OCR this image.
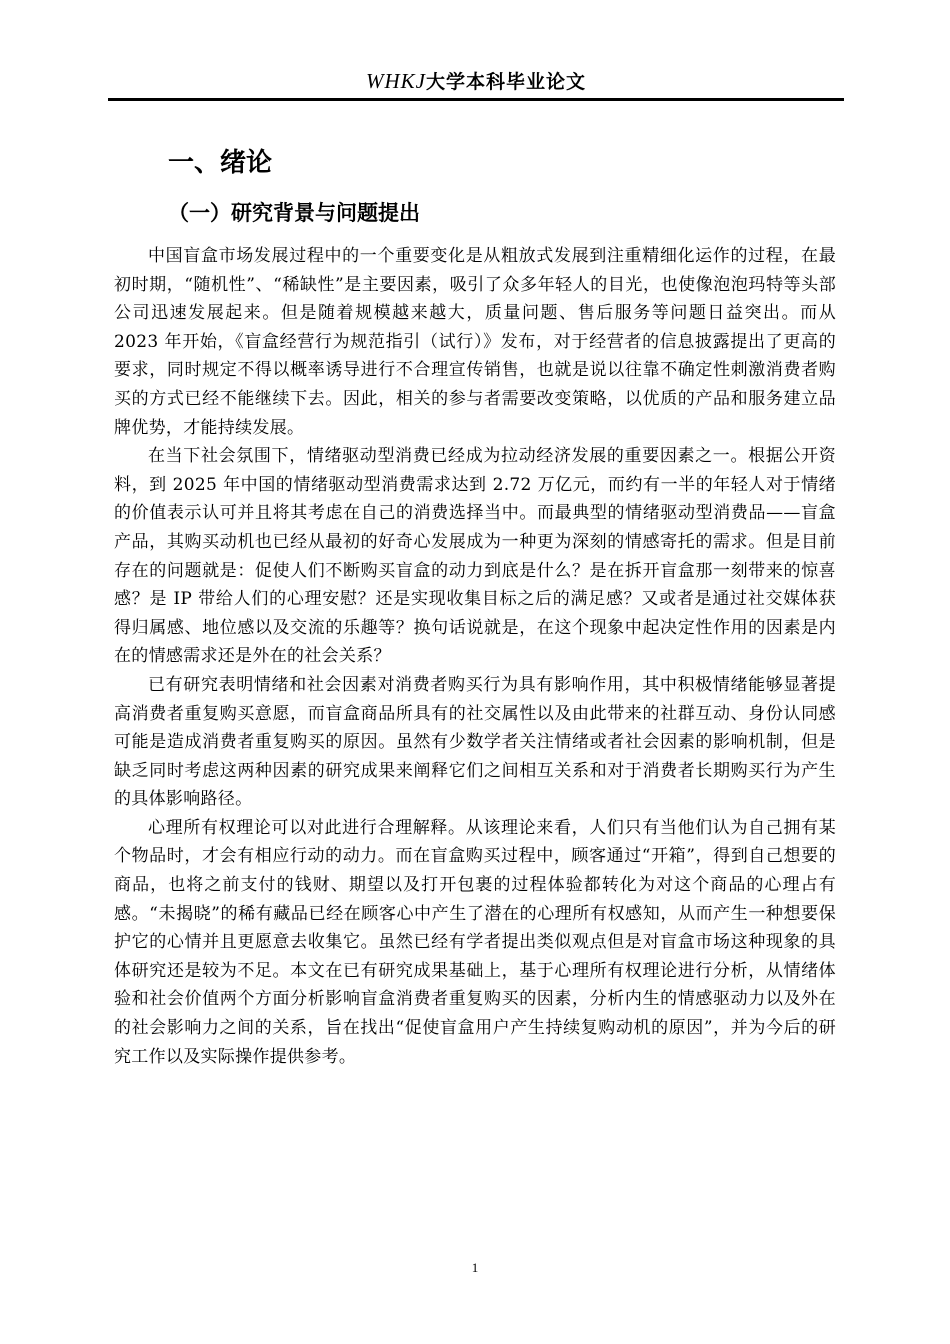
WHKJ大学本科毕业论文
一、绪论
（一）研究背景与问题提出

中国盲盒市场发展过程中的一个重要变化是从粗放式发展到注重精细化运作的过程，在最初时期，“随机性”、“稀缺性”是主要因素，吸引了众多年轻人的目光，也使像泡泡玛特等头部公司迅速发展起来。但是随着规模越来越大，质量问题、售后服务等问题日益突出。而从 2023 年开始，《盲盒经营行为规范指引（试行）》发布，对于经营者的信息披露提出了更高的要求，同时规定不得以概率诱导进行不合理宣传销售，也就是说以往靠不确定性刺激消费者购买的方式已经不能继续下去。因此，相关的参与者需要改变策略，以优质的产品和服务建立品牌优势，才能持续发展。

在当下社会氛围下，情绪驱动型消费已经成为拉动经济发展的重要因素之一。根据公开资料，到 2025 年中国的情绪驱动型消费需求达到 2.72 万亿元，而约有一半的年轻人对于情绪的价值表示认可并且将其考虑在自己的消费选择当中。而最典型的情绪驱动型消费品——盲盒产品，其购买动机也已经从最初的好奇心发展成为一种更为深刻的情感寄托的需求。但是目前存在的问题就是：促使人们不断购买盲盒的动力到底是什么？是在拆开盲盒那一刻带来的惊喜感？是 IP 带给人们的心理安慰？还是实现收集目标之后的满足感？又或者是通过社交媒体获得归属感、地位感以及交流的乐趣等？换句话说就是，在这个现象中起决定性作用的因素是内在的情感需求还是外在的社会关系？

已有研究表明情绪和社会因素对消费者购买行为具有影响作用，其中积极情绪能够显著提高消费者重复购买意愿，而盲盒商品所具有的社交属性以及由此带来的社群互动、身份认同感可能是造成消费者重复购买的原因。虽然有少数学者关注情绪或者社会因素的影响机制，但是缺乏同时考虑这两种因素的研究成果来阐释它们之间相互关系和对于消费者长期购买行为产生的具体影响路径。

心理所有权理论可以对此进行合理解释。从该理论来看，人们只有当他们认为自己拥有某个物品时，才会有相应行动的动力。而在盲盒购买过程中，顾客通过“开箱”，得到自己想要的商品，也将之前支付的钱财、期望以及打开包裹的过程体验都转化为对这个商品的心理占有感。“未揭晓”的稀有藏品已经在顾客心中产生了潜在的心理所有权感知，从而产生一种想要保护它的心情并且更愿意去收集它。虽然已经有学者提出类似观点但是对盲盒市场这种现象的具体研究还是较为不足。本文在已有研究成果基础上，基于心理所有权理论进行分析，从情绪体验和社会价值两个方面分析影响盲盒消费者重复购买的因素，分析内生的情感驱动力以及外在的社会影响力之间的关系，旨在找出“促使盲盒用户产生持续复购动机的原因”，并为今后的研究工作以及实际操作提供参考。

1
